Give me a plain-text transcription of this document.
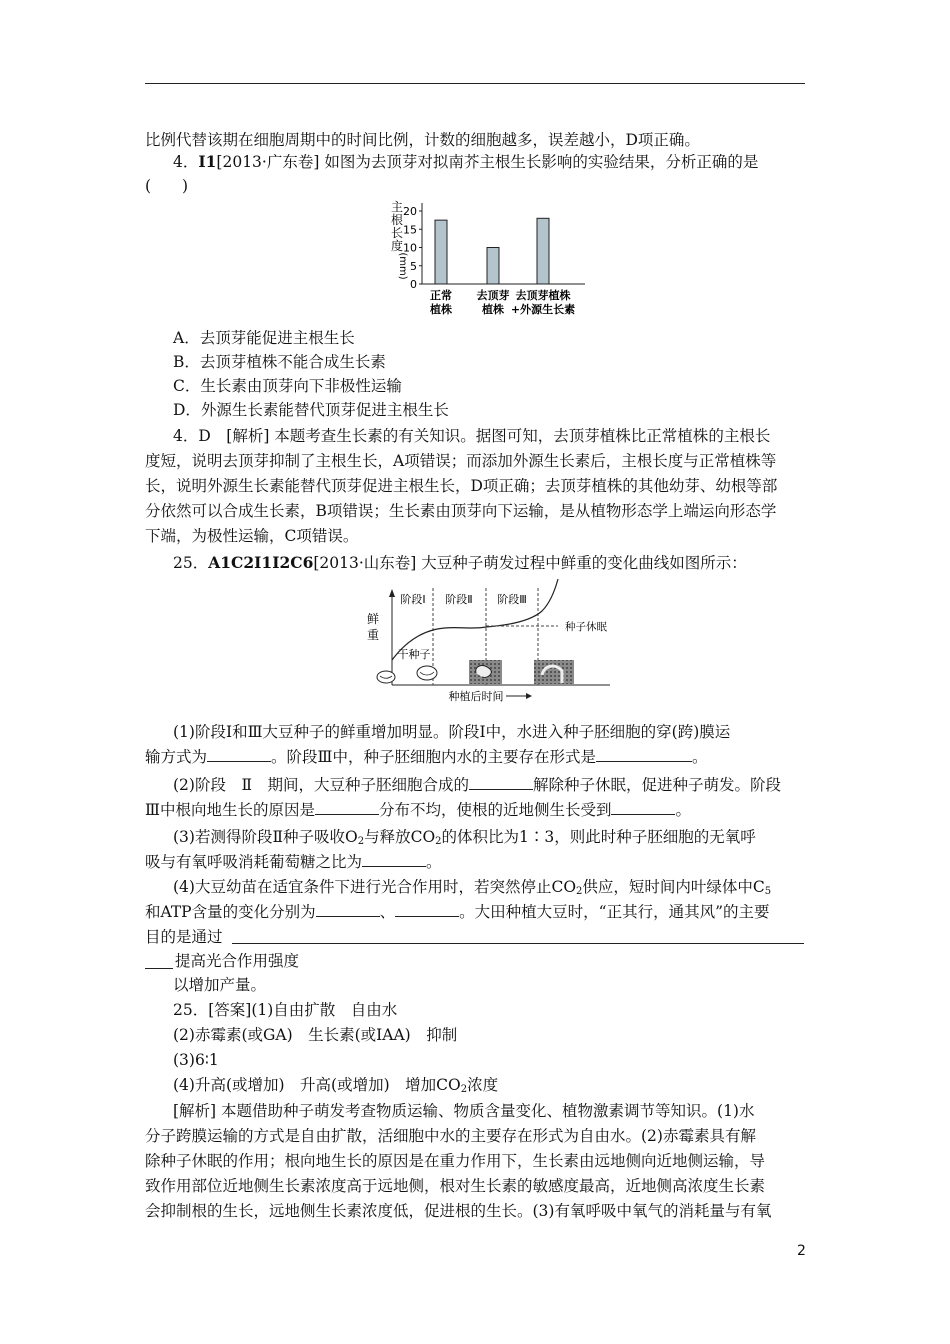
比例代替该期在细胞周期中的时间比例，计数的细胞越多，误差越小，D项正确。
4．I1[2013·广东卷] 如图为去顶芽对拟南芥主根生长影响的实验结果，分析正确的是
(　　)
主
根
长
度
(mm)
20
15
10
5
0
正常
植株
去顶芽
植株
去顶芽植株
+外源生长素
A．去顶芽能促进主根生长
B．去顶芽植株不能合成生长素
C．生长素由顶芽向下非极性运输
D．外源生长素能替代顶芽促进主根生长
4．D　[解析] 本题考查生长素的有关知识。据图可知，去顶芽植株比正常植株的主根长
度短，说明去顶芽抑制了主根生长，A项错误；而添加外源生长素后，主根长度与正常植株等
长，说明外源生长素能替代顶芽促进主根生长，D项正确；去顶芽植株的其他幼芽、幼根等部
分依然可以合成生长素，B项错误；生长素由顶芽向下运输，是从植物形态学上端运向形态学
下端，为极性运输，C项错误。
25．A1C2I1I2C6[2013·山东卷] 大豆种子萌发过程中鲜重的变化曲线如图所示：
鲜
重
阶段Ⅰ 阶段Ⅱ 阶段Ⅲ
种子休眠
干种子
种植后时间
(1)阶段Ⅰ和Ⅲ大豆种子的鲜重增加明显。阶段Ⅰ中，水进入种子胚细胞的穿(跨)膜运
输方式为	。阶段Ⅲ中，种子胚细胞内水的主要存在形式是	。
(2)阶段　Ⅱ　期间，大豆种子胚细胞合成的	解除种子休眠，促进种子萌发。阶段
Ⅲ中根向地生长的原因是	分布不均，使根的近地侧生长受到	。
(3)若测得阶段Ⅱ种子吸收$O_2$与释放$CO_2$的体积比为1∶3，则此时种子胚细胞的无氧呼
吸与有氧呼吸消耗葡萄糖之比为	。
(4)大豆幼苗在适宜条件下进行光合作用时，若突然停止$CO_2$供应，短时间内叶绿体中$C_5$
和ATP含量的变化分别为	、	。大田种植大豆时，“正其行，通其风”的主要
目的是通过
提高光合作用强度
以增加产量。
25．[答案](1)自由扩散　自由水
(2)赤霉素(或GA)　生长素(或IAA)　抑制
(3)6∶1
(4)升高(或增加)　升高(或增加)　增加$CO_2$浓度
[解析] 本题借助种子萌发考查物质运输、物质含量变化、植物激素调节等知识。(1)水
分子跨膜运输的方式是自由扩散，活细胞中水的主要存在形式为自由水。(2)赤霉素具有解
除种子休眠的作用；根向地生长的原因是在重力作用下，生长素由远地侧向近地侧运输，导
致作用部位近地侧生长素浓度高于远地侧，根对生长素的敏感度最高，近地侧高浓度生长素
会抑制根的生长，远地侧生长素浓度低，促进根的生长。(3)有氧呼吸中氧气的消耗量与有氧
2
